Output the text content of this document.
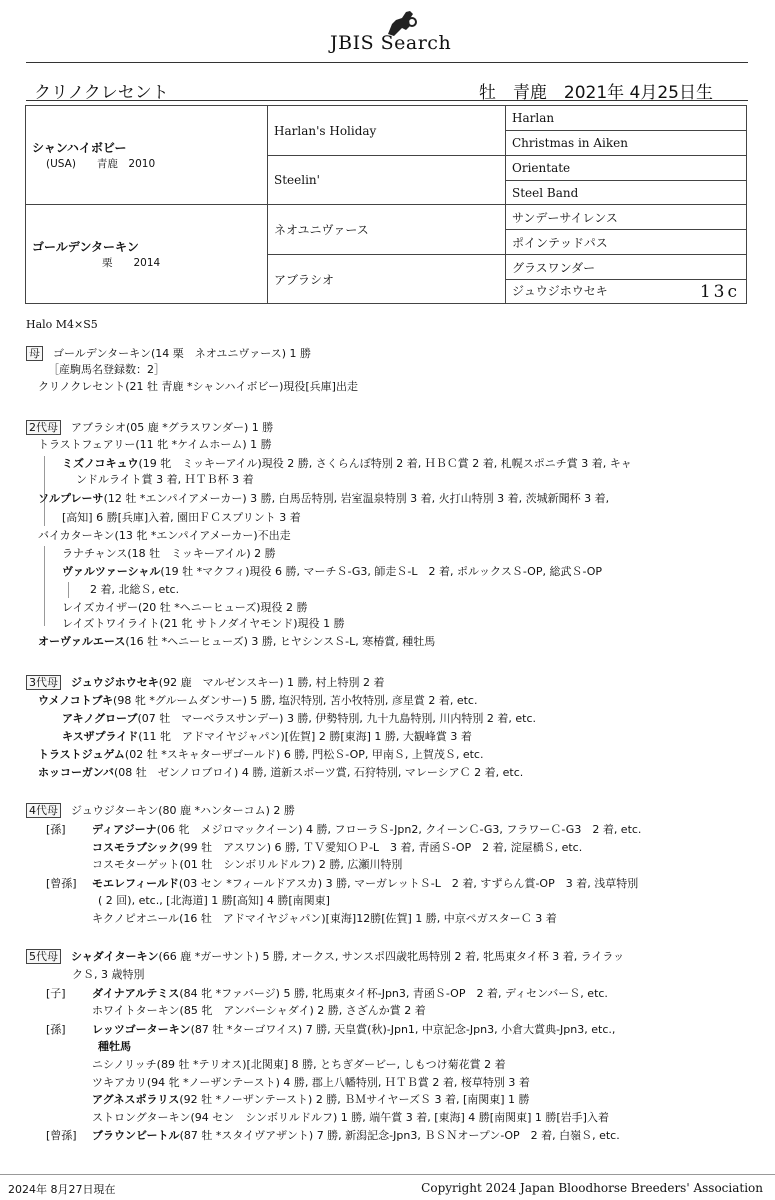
JBIS Search
クリノクレセント	牡　青鹿　2021年 4月25日生
シャンハイボビー
(USA)　　青鹿　2010	Harlan's Holiday	Harlan
		Christmas in Aiken
	Steelin'	Orientate
		Steel Band

ゴールデンターキン
栗　　2014	ネオユニヴァース	サンデーサイレンス
		ポインテッドパス
	アブラシオ	グラスワンダー
		ジュウジホウセキ 13c
Halo M4×S5
母 ゴールデンターキン(14 栗　ネオユニヴァース) 1 勝
［産駒馬名登録数：2］
クリノクレセント(21 牡 青鹿 *シャンハイボビー)現役[兵庫]出走
2代母 アブラシオ(05 鹿 *グラスワンダー) 1 勝
トラストフェアリー(11 牝 *ケイムホーム) 1 勝
ミズノコキュウ(19 牝　ミッキーアイル)現役 2 勝, さくらんぼ特別 2 着, ＨＢＣ賞 2 着, 札幌スポニチ賞 3 着, キャ
ンドルライト賞 3 着, ＨＴＢ杯 3 着
ソルプレーサ(12 牡 *エンパイアメーカー) 3 勝, 白馬岳特別, 岩室温泉特別 3 着, 火打山特別 3 着, 茨城新聞杯 3 着,
[高知] 6 勝[兵庫]入着, 園田ＦＣスプリント 3 着
バイカターキン(13 牝 *エンパイアメーカー)不出走
ラナチャンス(18 牡　ミッキーアイル) 2 勝
ヴァルツァーシャル(19 牡 *マクフィ)現役 6 勝, マーチＳ-G3, 師走Ｓ-L　2 着, ポルックスＳ-OP, 総武Ｓ-OP
2 着, 北総Ｓ, etc.
レイズカイザー(20 牡 *ヘニーヒューズ)現役 2 勝
レイズトワイライト(21 牝 サトノダイヤモンド)現役 1 勝
オーヴァルエース(16 牡 *ヘニーヒューズ) 3 勝, ヒヤシンスＳ-L, 寒椿賞, 種牡馬
3代母 ジュウジホウセキ(92 鹿　マルゼンスキー) 1 勝, 村上特別 2 着
ウメノコトブキ(98 牝 *グルームダンサー) 5 勝, 塩沢特別, 苫小牧特別, 彦星賞 2 着, etc.
アキノグローブ(07 牡　マーベラスサンデー) 3 勝, 伊勢特別, 九十九島特別, 川内特別 2 着, etc.
キスザプライド(11 牝　アドマイヤジャパン)[佐賀] 2 勝[東海] 1 勝, 大観峰賞 3 着
トラストジュゲム(02 牡 *スキャターザゴールド) 6 勝, 門松Ｓ-OP, 甲南Ｓ, 上賀茂Ｓ, etc.
ホッコーガンバ(08 牡　ゼンノロブロイ) 4 勝, 道新スポーツ賞, 石狩特別, マレーシアＣ 2 着, etc.
4代母 ジュウジターキン(80 鹿 *ハンターコム) 2 勝
[孫] ディアジーナ(06 牝　メジロマックイーン) 4 勝, フローラＳ-Jpn2, クイーンＣ-G3, フラワーＣ-G3　2 着, etc.
コスモラブシック(99 牡　アスワン) 6 勝, ＴＶ愛知ＯＰ-L　3 着, 青函Ｓ-OP　2 着, 淀屋橋Ｓ, etc.
コスモターゲット(01 牡　シンボリルドルフ) 2 勝, 広瀬川特別
[曾孫] モエレフィールド(03 セン *フィールドアスカ) 3 勝, マーガレットＳ-L　2 着, すずらん賞-OP　3 着, 浅草特別
( 2 回), etc., [北海道] 1 勝[高知] 4 勝[南関東]
キクノピオニール(16 牡　アドマイヤジャパン)[東海]12勝[佐賀] 1 勝, 中京ペガスターＣ 3 着
5代母 シャダイターキン(66 鹿 *ガーサント) 5 勝, オークス, サンスポ四歳牝馬特別 2 着, 牝馬東タイ杯 3 着, ライラッ
クＳ, 3 歳特別
[子] ダイナアルテミス(84 牝 *ファバージ) 5 勝, 牝馬東タイ杯-Jpn3, 青函Ｓ-OP　2 着, ディセンバーＳ, etc.
ホワイトターキン(85 牝　アンバーシャダイ) 2 勝, さざんか賞 2 着
[孫] レッツゴーターキン(87 牡 *ターゴワイス) 7 勝, 天皇賞(秋)-Jpn1, 中京記念-Jpn3, 小倉大賞典-Jpn3, etc.,
種牡馬
ニシノリッチ(89 牡 *テリオス)[北関東] 8 勝, とちぎダービー, しもつけ菊花賞 2 着
ツキアカリ(94 牝 *ノーザンテースト) 4 勝, 郡上八幡特別, ＨＴＢ賞 2 着, 桜草特別 3 着
アグネスポラリス(92 牡 *ノーザンテースト) 2 勝, ＢＭサイヤーズＳ 3 着, [南関東] 1 勝
ストロングターキン(94 セン　シンボリルドルフ) 1 勝, 端午賞 3 着, [東海] 4 勝[南関東] 1 勝[岩手]入着
[曾孫] ブラウンビートル(87 牡 *スタイヴアザント) 7 勝, 新潟記念-Jpn3, ＢＳＮオープン-OP　2 着, 白嶺Ｓ, etc.
2024年 8月27日現在	Copyright 2024 Japan Bloodhorse Breeders' Association
